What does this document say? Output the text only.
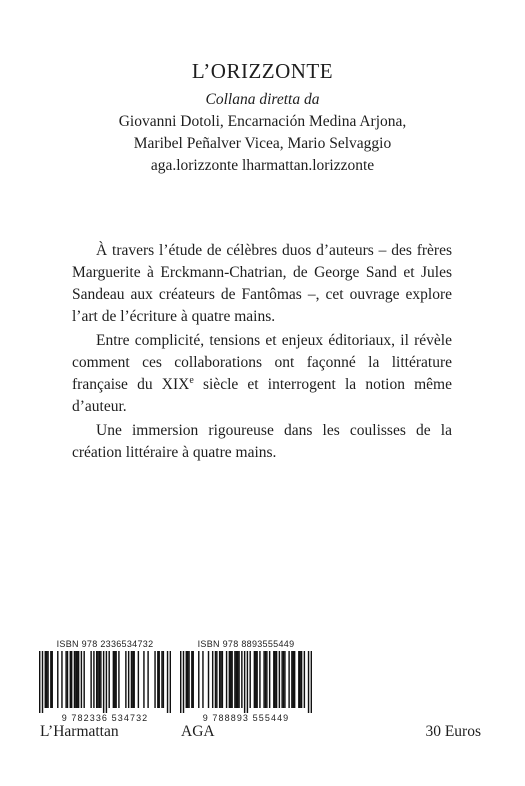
L’ORIZZONTE
Collana diretta da
Giovanni Dotoli, Encarnación Medina Arjona,
Maribel Peñalver Vicea, Mario Selvaggio
aga.lorizzonte lharmattan.lorizzonte

À travers l’étude de célèbres duos d’auteurs – des frères Marguerite à Erckmann-Chatrian, de George Sand et Jules Sandeau aux créateurs de Fantômas –, cet ouvrage explore l’art de l’écriture à quatre mains.

Entre complicité, tensions et enjeux éditoriaux, il révèle comment ces collaborations ont façonné la littérature française du XIXe siècle et interrogent la notion même d’auteur.

Une immersion rigoureuse dans les coulisses de la création littéraire à quatre mains.

ISBN 978 2336534732
9 782336 534732
ISBN 978 8893555449
9 788893 555449
L’Harmattan	AGA	30 Euros
